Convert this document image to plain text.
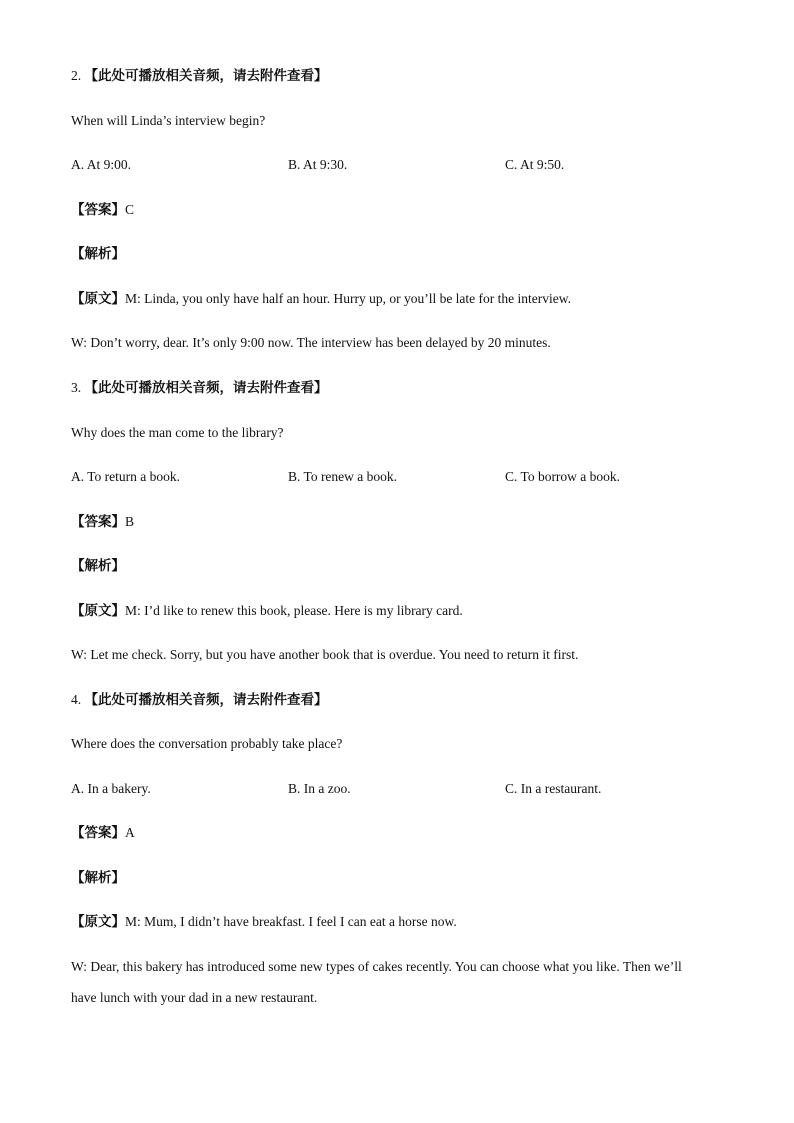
2. 【此处可播放相关音频，请去附件查看】
When will Linda’s interview begin?
A. At 9:00.	B. At 9:30.	C. At 9:50.
【答案】C
【解析】
【原文】M: Linda, you only have half an hour. Hurry up, or you’ll be late for the interview.
W: Don’t worry, dear. It’s only 9:00 now. The interview has been delayed by 20 minutes.
3. 【此处可播放相关音频，请去附件查看】
Why does the man come to the library?
A. To return a book.	B. To renew a book.	C. To borrow a book.
【答案】B
【解析】
【原文】M: I’d like to renew this book, please. Here is my library card.
W: Let me check. Sorry, but you have another book that is overdue. You need to return it first.
4. 【此处可播放相关音频，请去附件查看】
Where does the conversation probably take place?
A. In a bakery.	B. In a zoo.	C. In a restaurant.
【答案】A
【解析】
【原文】M: Mum, I didn’t have breakfast. I feel I can eat a horse now.
W: Dear, this bakery has introduced some new types of cakes recently. You can choose what you like. Then we’ll
have lunch with your dad in a new restaurant.
